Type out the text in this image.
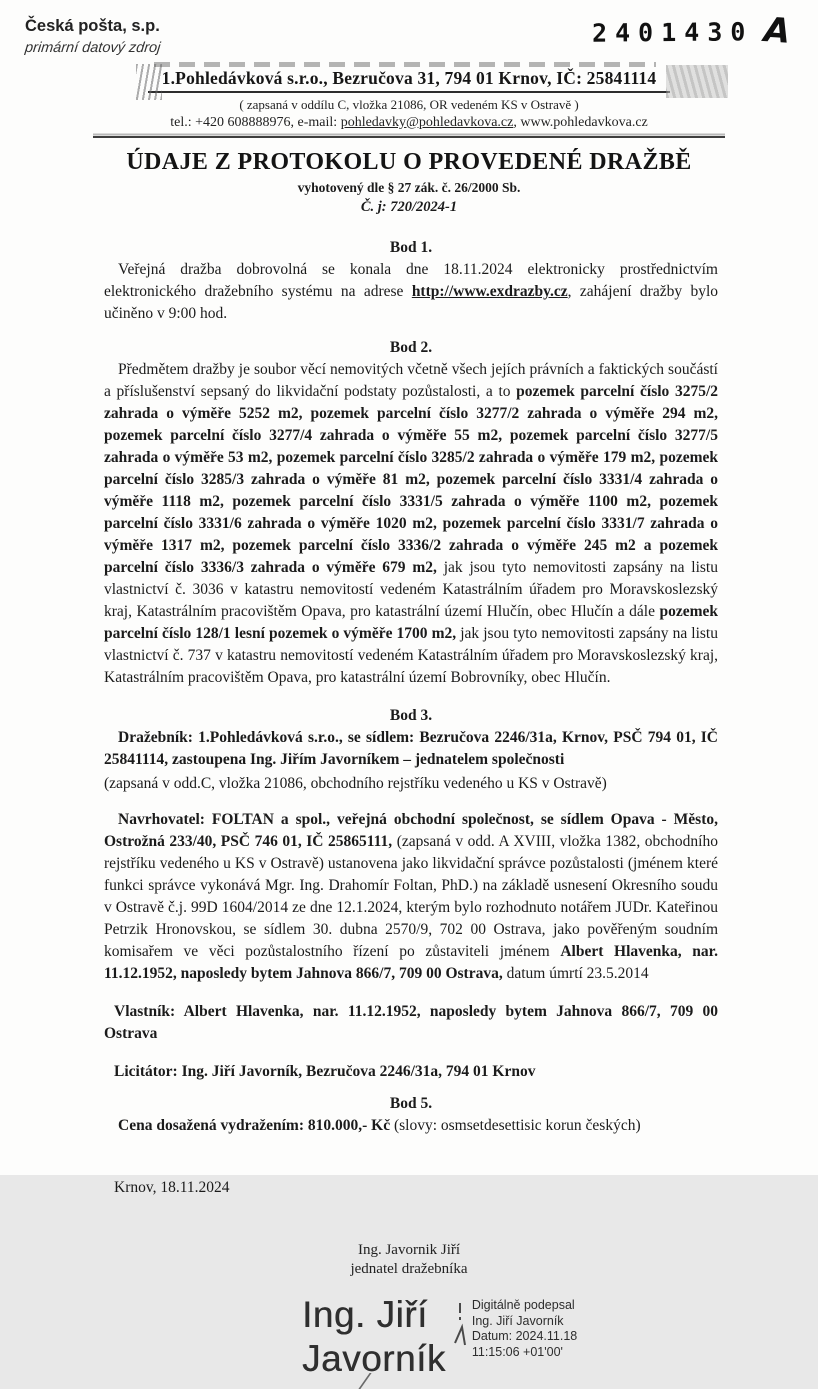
Česká pošta, s.p.
primární datový zdroj	2401430 A
1.Pohledávková s.r.o., Bezručova 31, 794 01 Krnov, IČ: 25841114
( zapsaná v oddílu C, vložka 21086, OR vedeném KS v Ostravě )
tel.: +420 608888976, e-mail: pohledavky@pohledavkova.cz, www.pohledavkova.cz
ÚDAJE Z PROTOKOLU O PROVEDENÉ DRAŽBĚ
vyhotovený dle § 27 zák. č. 26/2000 Sb.
Č. j: 720/2024-1
Bod 1.

Veřejná dražba dobrovolná se konala dne 18.11.2024 elektronicky prostřednictvím elektronického dražebního systému na adrese http://www.exdrazby.cz, zahájení dražby bylo učiněno v 9:00 hod.

Bod 2.

Předmětem dražby je soubor věcí nemovitých včetně všech jejích právních a faktických součástí a příslušenství sepsaný do likvidační podstaty pozůstalosti, a to pozemek parcelní číslo 3275/2 zahrada o výměře 5252 m2, pozemek parcelní číslo 3277/2 zahrada o výměře 294 m2, pozemek parcelní číslo 3277/4 zahrada o výměře 55 m2, pozemek parcelní číslo 3277/5 zahrada o výměře 53 m2, pozemek parcelní číslo 3285/2 zahrada o výměře 179 m2, pozemek parcelní číslo 3285/3 zahrada o výměře 81 m2, pozemek parcelní číslo 3331/4 zahrada o výměře 1118 m2, pozemek parcelní číslo 3331/5 zahrada o výměře 1100 m2, pozemek parcelní číslo 3331/6 zahrada o výměře 1020 m2, pozemek parcelní číslo 3331/7 zahrada o výměře 1317 m2, pozemek parcelní číslo 3336/2 zahrada o výměře 245 m2 a pozemek parcelní číslo 3336/3 zahrada o výměře 679 m2, jak jsou tyto nemovitosti zapsány na listu vlastnictví č. 3036 v katastru nemovitostí vedeném Katastrálním úřadem pro Moravskoslezský kraj, Katastrálním pracovištěm Opava, pro katastrální území Hlučín, obec Hlučín a dále pozemek parcelní číslo 128/1 lesní pozemek o výměře 1700 m2, jak jsou tyto nemovitosti zapsány na listu vlastnictví č. 737 v katastru nemovitostí vedeném Katastrálním úřadem pro Moravskoslezský kraj, Katastrálním pracovištěm Opava, pro katastrální území Bobrovníky, obec Hlučín.

Bod 3.

Dražebník: 1.Pohledávková s.r.o., se sídlem: Bezručova 2246/31a, Krnov, PSČ 794 01, IČ 25841114, zastoupena Ing. Jiřím Javorníkem – jednatelem společnosti

(zapsaná v odd.C, vložka 21086, obchodního rejstříku vedeného u KS v Ostravě)

Navrhovatel: FOLTAN a spol., veřejná obchodní společnost, se sídlem Opava - Město, Ostrožná 233/40, PSČ 746 01, IČ 25865111, (zapsaná v odd. A XVIII, vložka 1382, obchodního rejstříku vedeného u KS v Ostravě) ustanovena jako likvidační správce pozůstalosti (jménem které funkci správce vykonává Mgr. Ing. Drahomír Foltan, PhD.) na základě usnesení Okresního soudu v Ostravě č.j. 99D 1604/2014 ze dne 12.1.2024, kterým bylo rozhodnuto notářem JUDr. Kateřinou Petrzik Hronovskou, se sídlem 30. dubna 2570/9, 702 00 Ostrava, jako pověřeným soudním komisařem ve věci pozůstalostního řízení po zůstaviteli jménem Albert Hlavenka, nar. 11.12.1952, naposledy bytem Jahnova 866/7, 709 00 Ostrava, datum úmrtí 23.5.2014

Vlastník: Albert Hlavenka, nar. 11.12.1952, naposledy bytem Jahnova 866/7, 709 00 Ostrava

Licitátor: Ing. Jiří Javorník, Bezručova 2246/31a, 794 01 Krnov

Bod 5.

Cena dosažená vydražením: 810.000,- Kč (slovy: osmsetdesettisic korun českých)

Krnov, 18.11.2024

Ing. Javornik Jiří
jednatel dražebníka
Ing. Jiří
Javorník
Digitálně podepsal
Ing. Jiří Javorník
Datum: 2024.11.18
11:15:06 +01'00'
